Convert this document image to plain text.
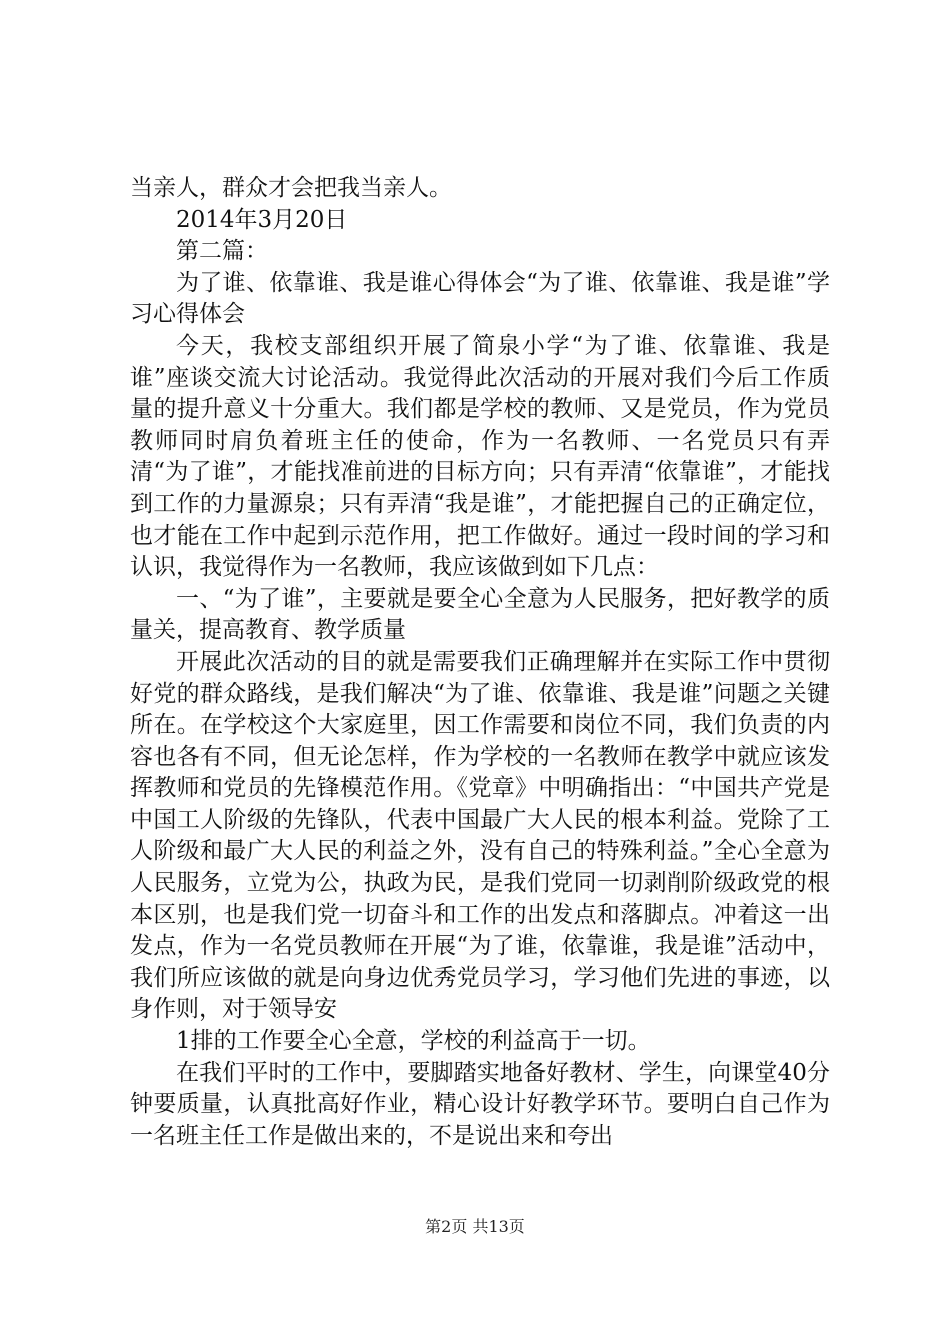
当亲人，群众才会把我当亲人。

2014年3月20日

第二篇：

为了谁、依靠谁、我是谁心得体会“为了谁、依靠谁、我是谁”学习心得体会

今天，我校支部组织开展了简泉小学“为了谁、依靠谁、我是谁”座谈交流大讨论活动。我觉得此次活动的开展对我们今后工作质量的提升意义十分重大。我们都是学校的教师、又是党员，作为党员教师同时肩负着班主任的使命，作为一名教师、一名党员只有弄清“为了谁”，才能找准前进的目标方向；只有弄清“依靠谁”，才能找到工作的力量源泉；只有弄清“我是谁”，才能把握自己的正确定位，也才能在工作中起到示范作用，把工作做好。通过一段时间的学习和认识，我觉得作为一名教师，我应该做到如下几点：

一、“为了谁”，主要就是要全心全意为人民服务，把好教学的质量关，提高教育、教学质量

开展此次活动的目的就是需要我们正确理解并在实际工作中贯彻好党的群众路线，是我们解决“为了谁、依靠谁、我是谁”问题之关键所在。在学校这个大家庭里，因工作需要和岗位不同，我们负责的内容也各有不同，但无论怎样，作为学校的一名教师在教学中就应该发挥教师和党员的先锋模范作用。《党章》中明确指出：“中国共产党是中国工人阶级的先锋队，代表中国最广大人民的根本利益。党除了工人阶级和最广大人民的利益之外，没有自己的特殊利益。”全心全意为人民服务，立党为公，执政为民，是我们党同一切剥削阶级政党的根本区别，也是我们党一切奋斗和工作的出发点和落脚点。冲着这一出发点，作为一名党员教师在开展“为了谁，依靠谁，我是谁”活动中，我们所应该做的就是向身边优秀党员学习，学习他们先进的事迹，以身作则，对于领导安

1排的工作要全心全意，学校的利益高于一切。

在我们平时的工作中，要脚踏实地备好教材、学生，向课堂40分钟要质量，认真批高好作业，精心设计好教学环节。要明白自己作为一名班主任工作是做出来的，不是说出来和夸出

第2页 共13页
